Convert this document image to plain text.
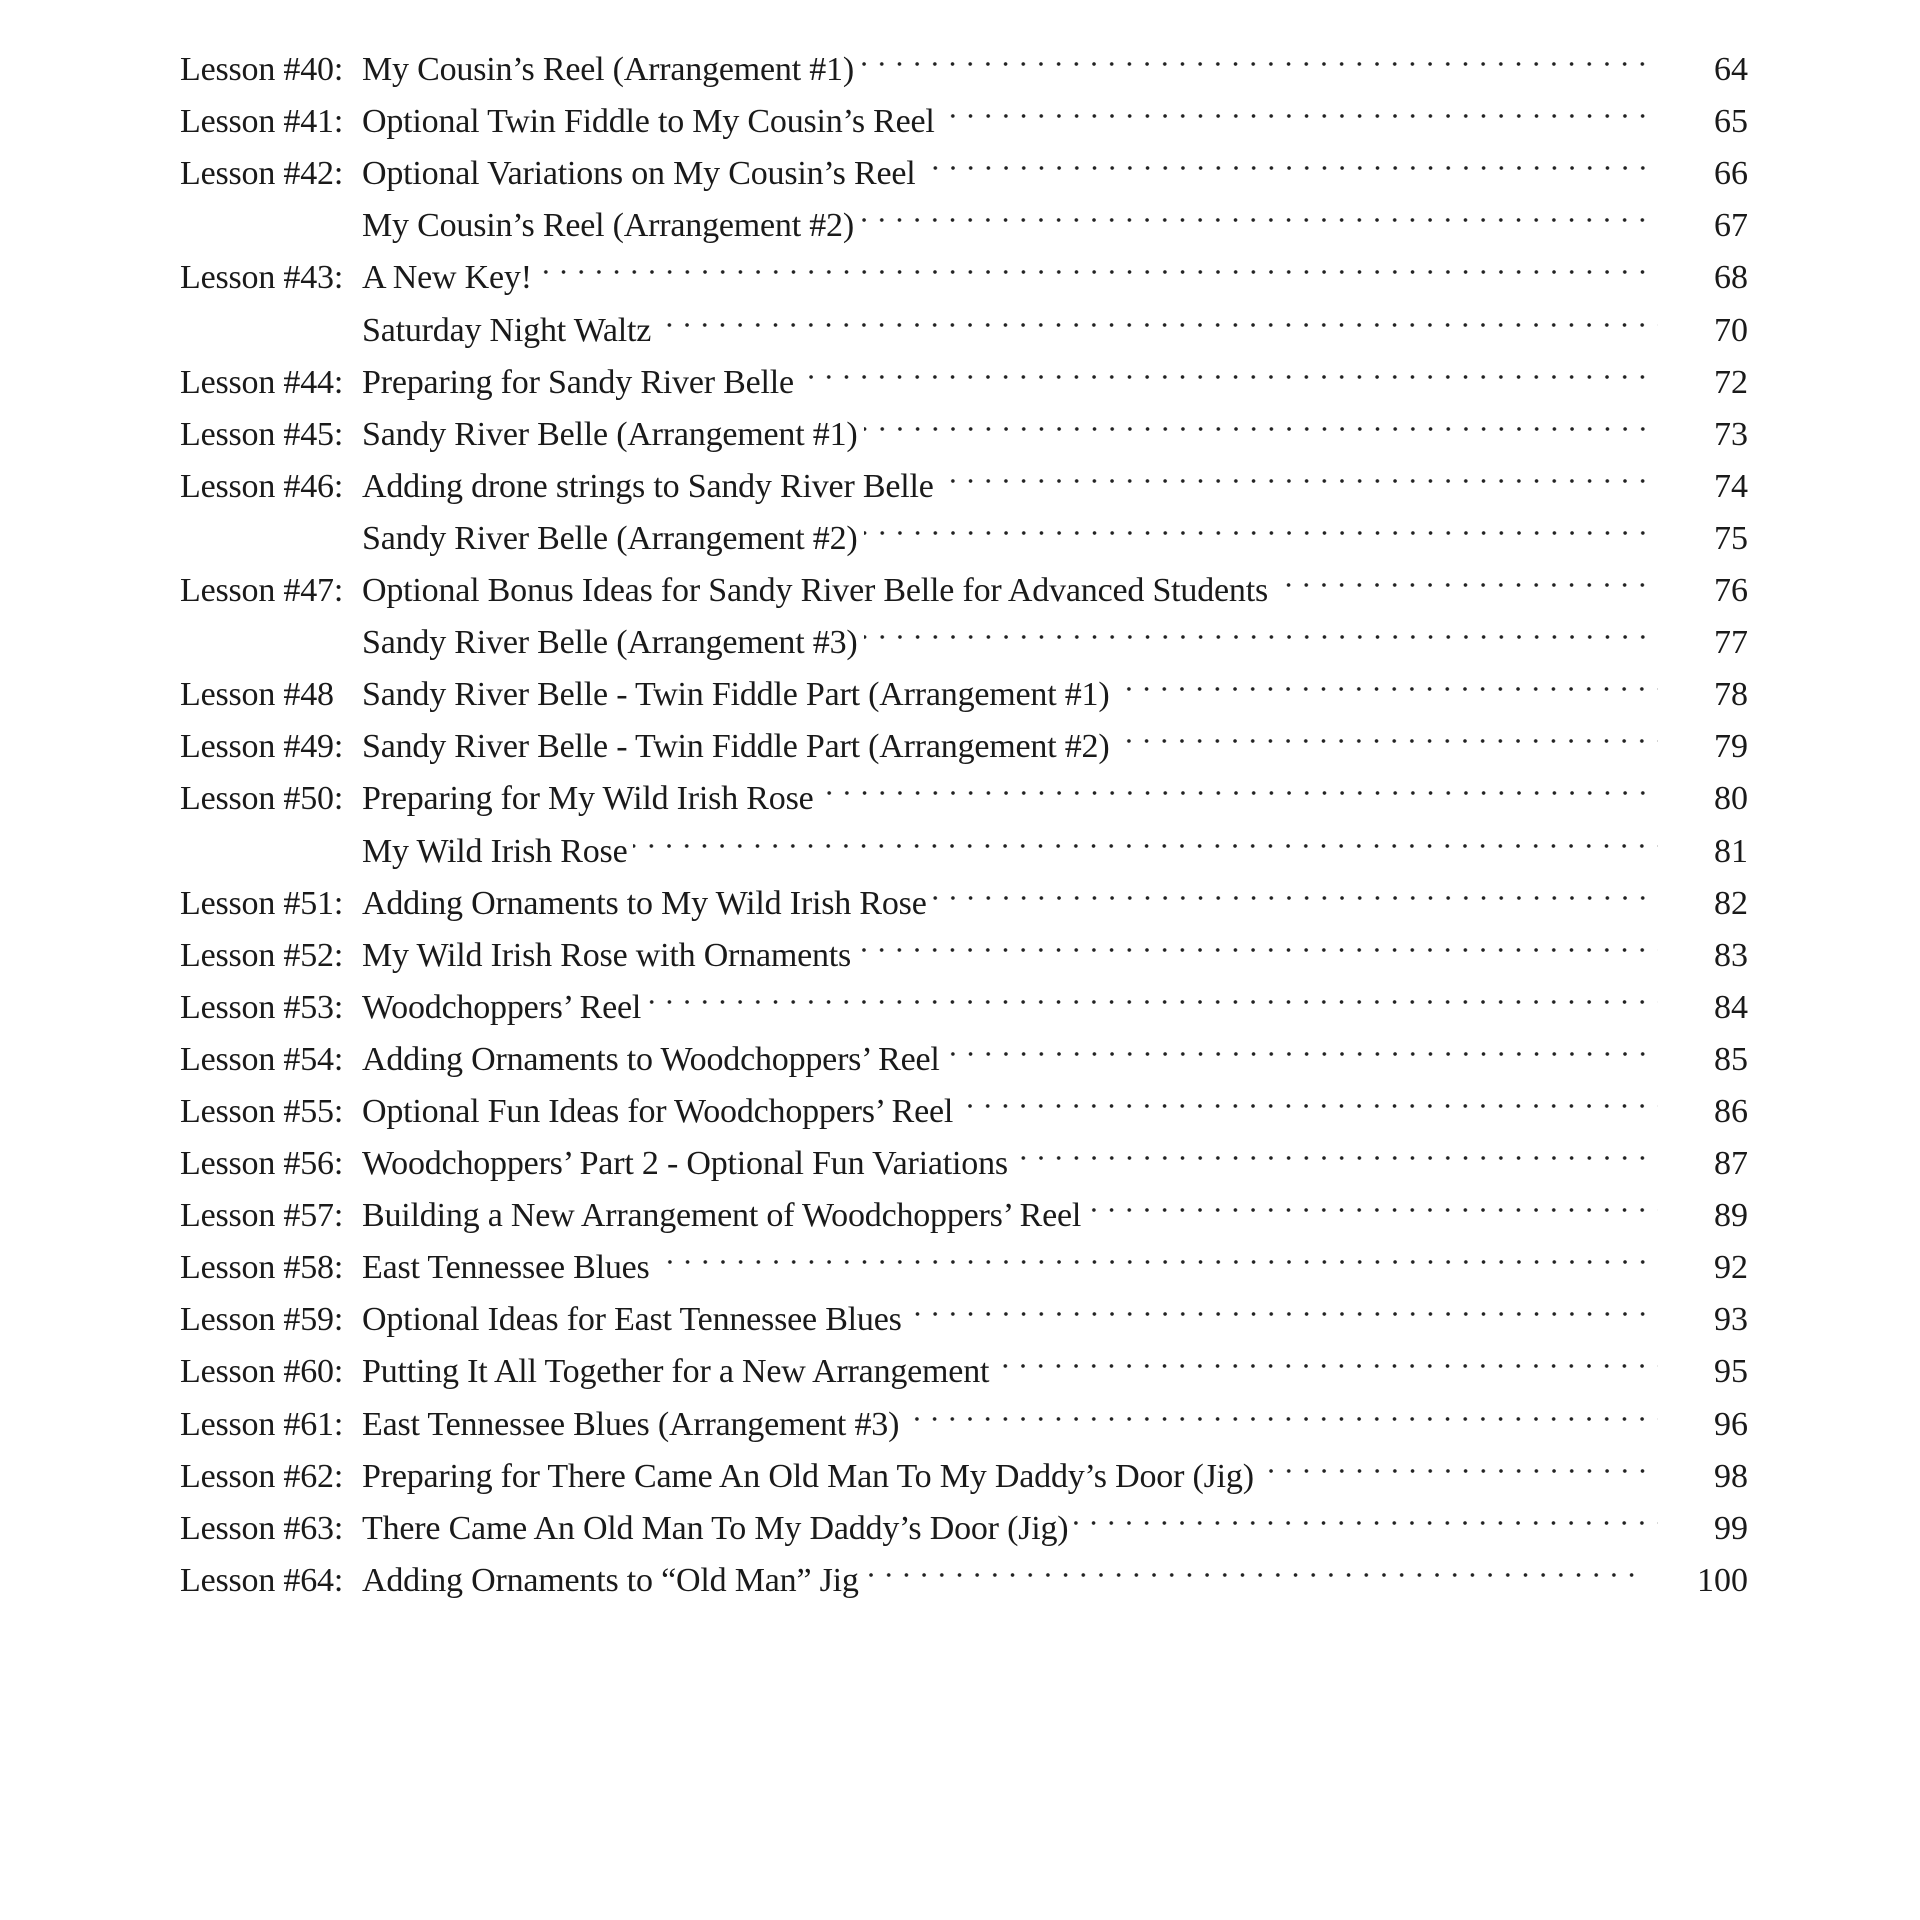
Lesson #40: My Cousin’s Reel (Arrangement #1)	64
Lesson #41: Optional Twin Fiddle to My Cousin’s Reel	65
Lesson #42: Optional Variations on My Cousin’s Reel	66
My Cousin’s Reel (Arrangement #2)	67
Lesson #43: A New Key!	68
Saturday Night Waltz	70
Lesson #44: Preparing for Sandy River Belle	72
Lesson #45: Sandy River Belle (Arrangement #1)	73
Lesson #46: Adding drone strings to Sandy River Belle	74
Sandy River Belle (Arrangement #2)	75
Lesson #47: Optional Bonus Ideas for Sandy River Belle for Advanced Students	76
Sandy River Belle (Arrangement #3)	77
Lesson #48 Sandy River Belle - Twin Fiddle Part (Arrangement #1)	78
Lesson #49: Sandy River Belle - Twin Fiddle Part (Arrangement #2)	79
Lesson #50: Preparing for My Wild Irish Rose	80
My Wild Irish Rose	81
Lesson #51: Adding Ornaments to My Wild Irish Rose	82
Lesson #52: My Wild Irish Rose with Ornaments	83
Lesson #53: Woodchoppers’ Reel	84
Lesson #54: Adding Ornaments to Woodchoppers’ Reel	85
Lesson #55: Optional Fun Ideas for Woodchoppers’ Reel	86
Lesson #56: Woodchoppers’ Part 2 - Optional Fun Variations	87
Lesson #57: Building a New Arrangement of Woodchoppers’ Reel	89
Lesson #58: East Tennessee Blues	92
Lesson #59: Optional Ideas for East Tennessee Blues	93
Lesson #60: Putting It All Together for a New Arrangement	95
Lesson #61: East Tennessee Blues (Arrangement #3)	96
Lesson #62: Preparing for There Came An Old Man To My Daddy’s Door (Jig)	98
Lesson #63: There Came An Old Man To My Daddy’s Door (Jig)	99
Lesson #64: Adding Ornaments to “Old Man” Jig	100
